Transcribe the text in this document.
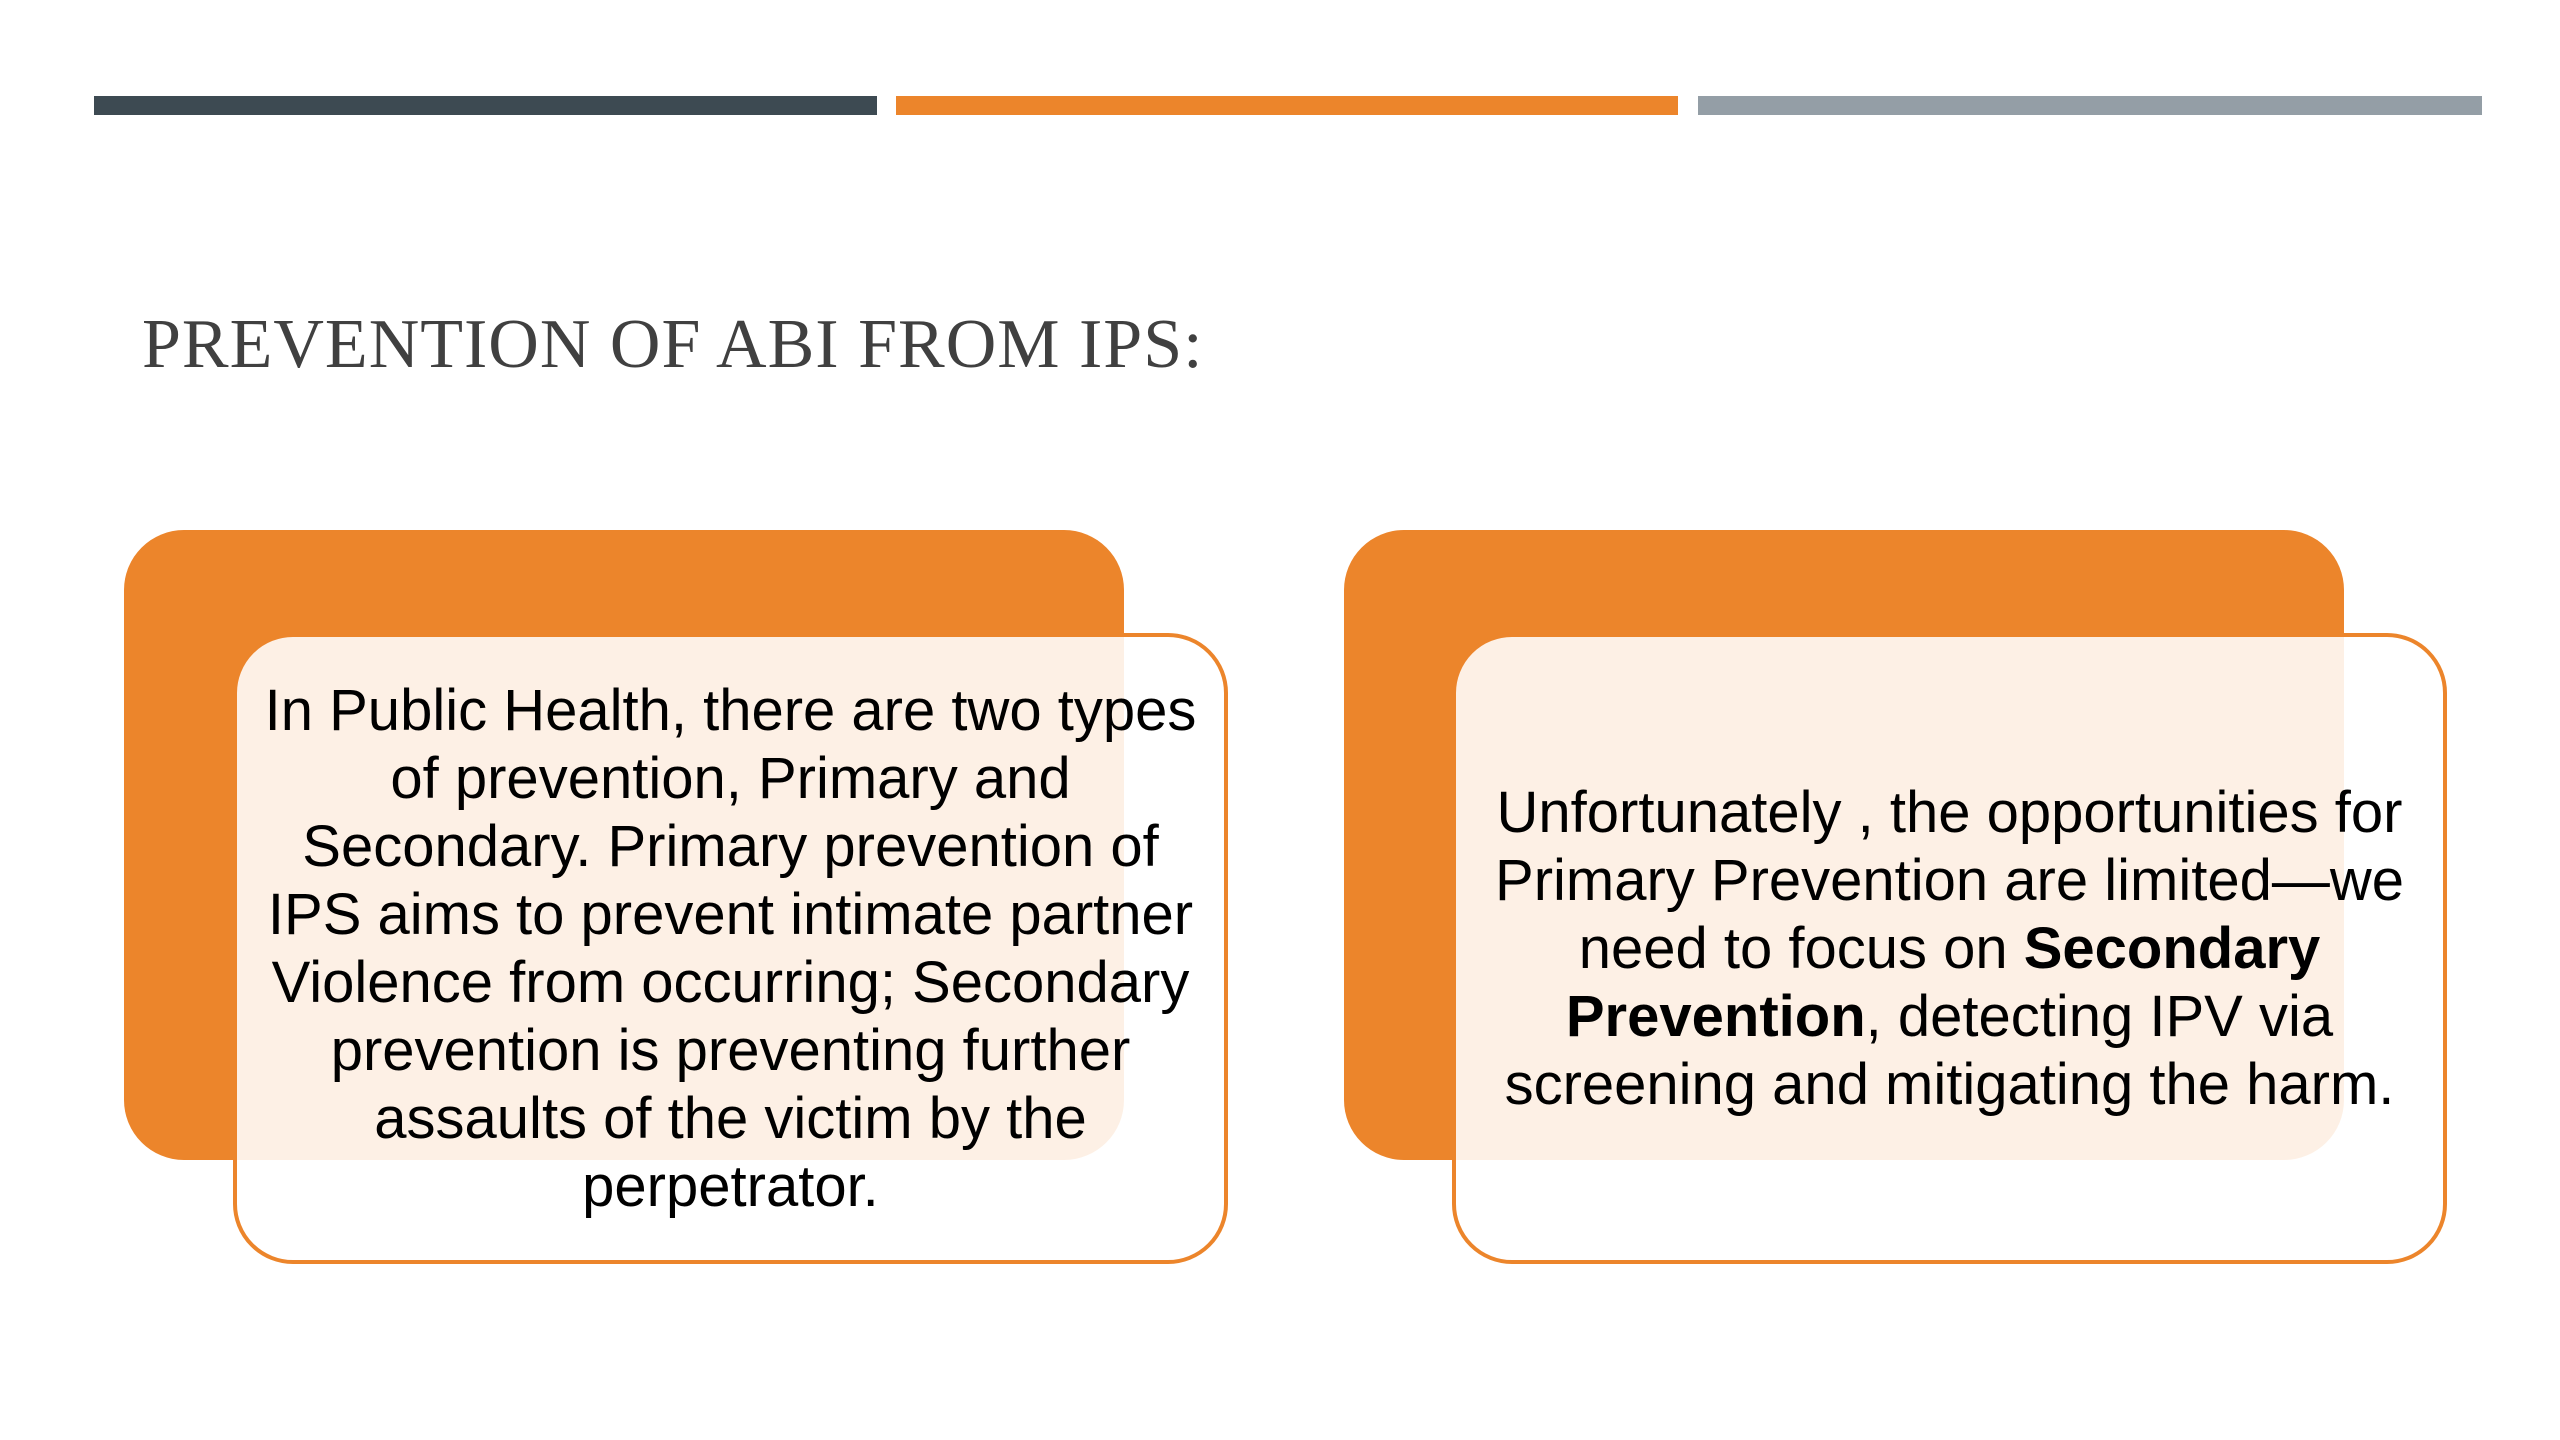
PREVENTION OF ABI FROM IPS:

In Public Health, there are two types of prevention, Primary and Secondary. Primary prevention of IPS aims to prevent intimate partner Violence from occurring; Secondary prevention is preventing further assaults of the victim by the perpetrator.

Unfortunately , the opportunities for Primary Prevention are limited—we need to focus on Secondary Prevention, detecting IPV via screening and mitigating the harm.
